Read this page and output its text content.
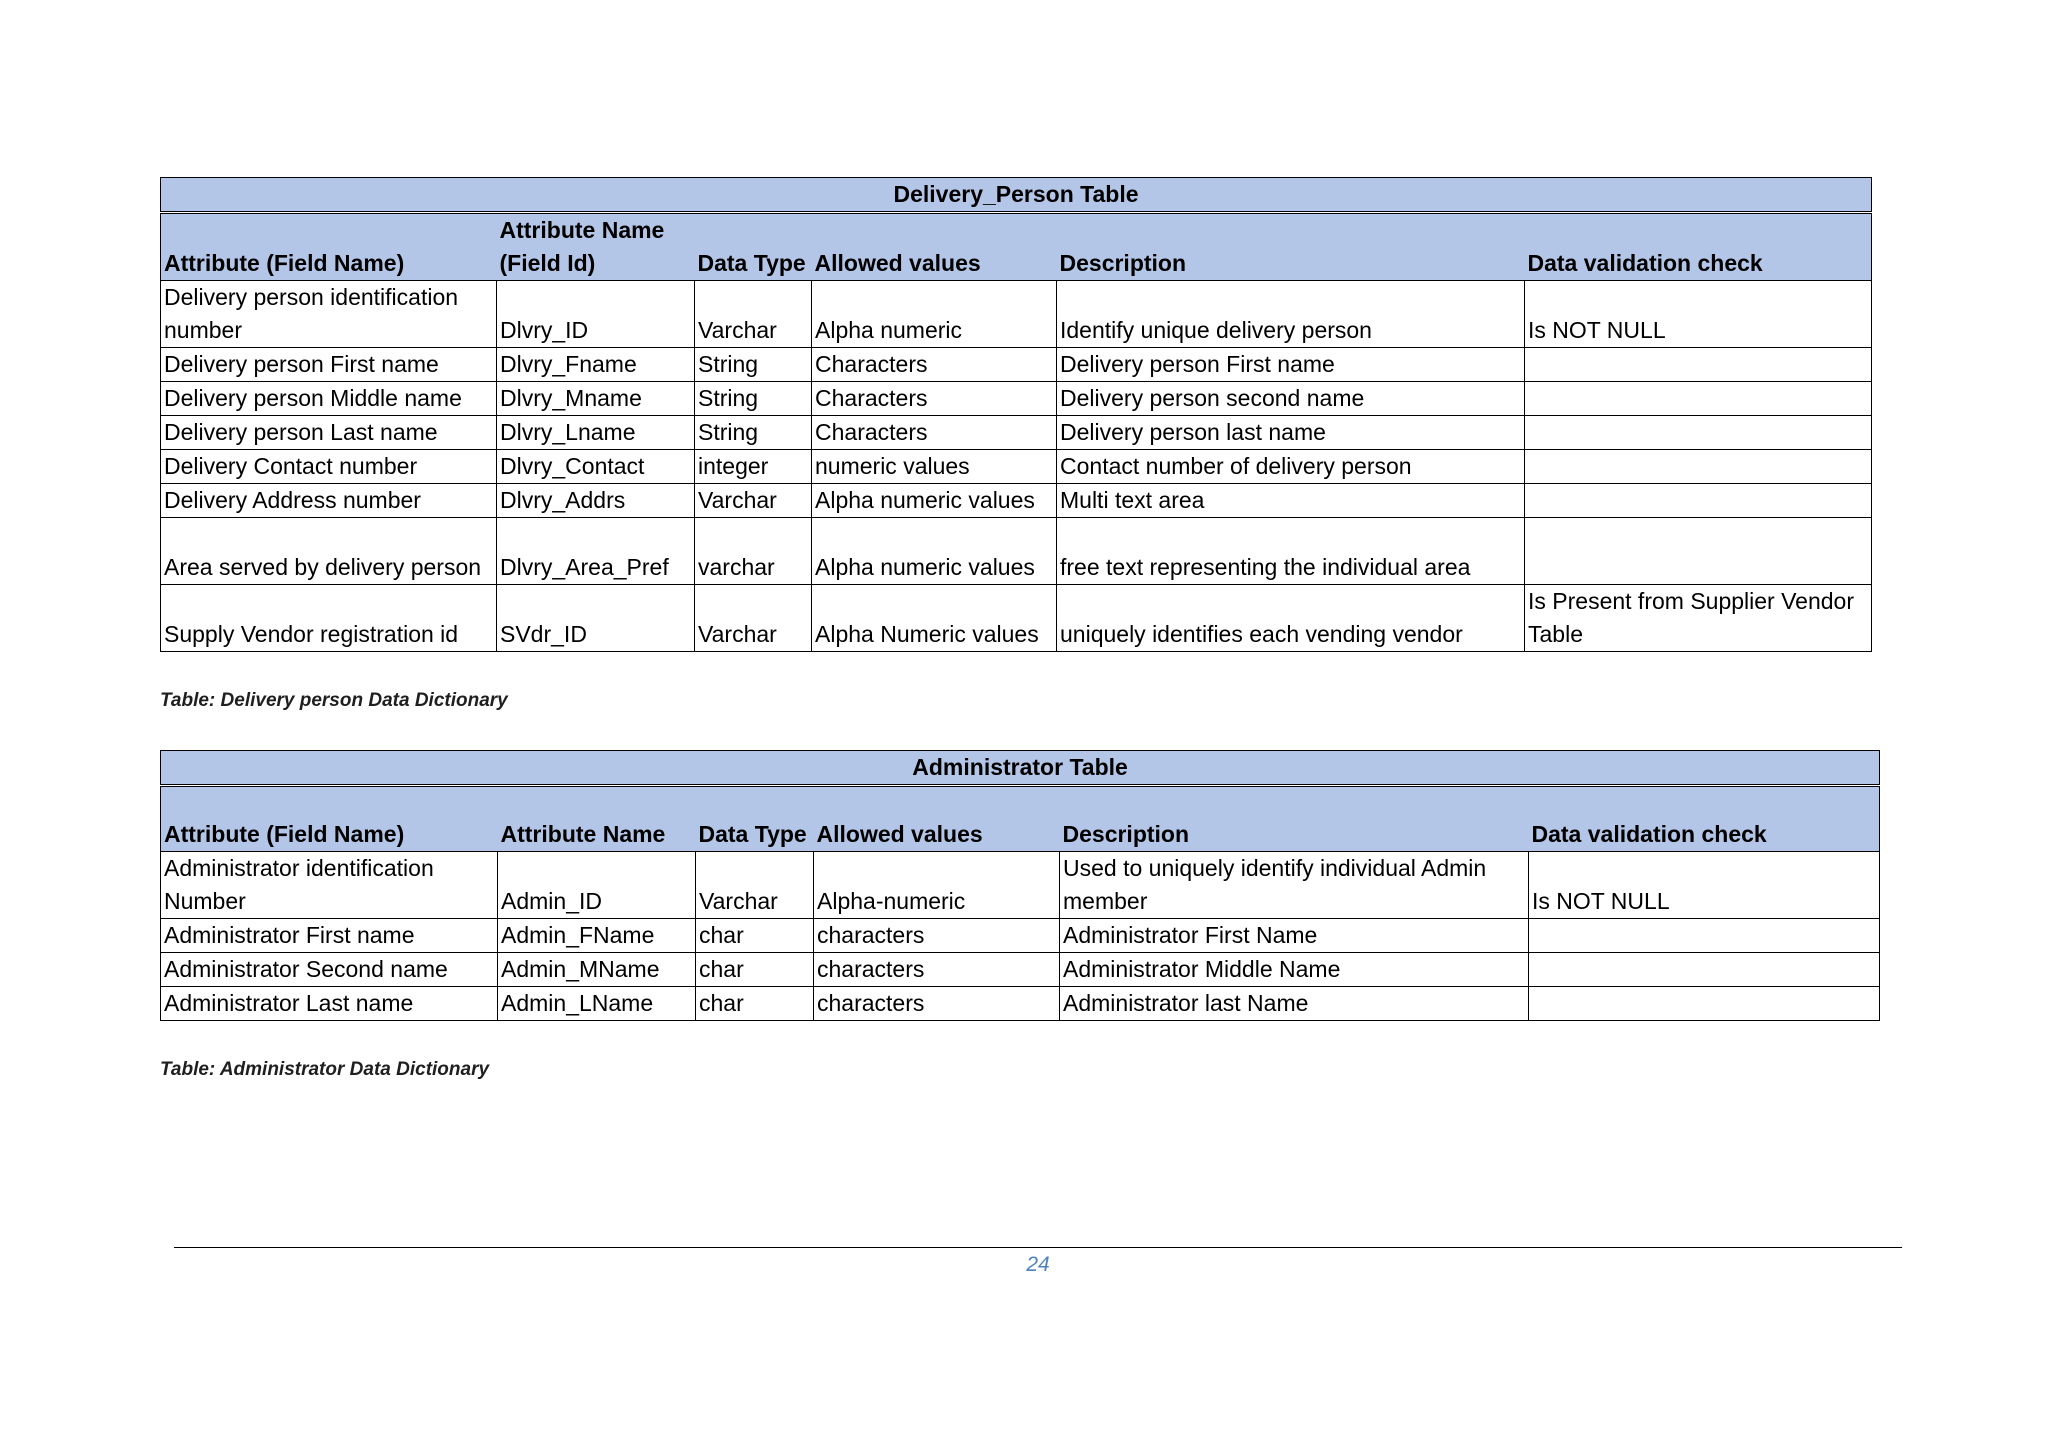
Delivery_Person Table					
Attribute (Field Name)	Attribute Name (Field Id)	Data Type	Allowed values	Description	Data validation check
Delivery person identification number	Dlvry_ID	Varchar	Alpha numeric	Identify unique delivery person	Is NOT NULL
Delivery person First name	Dlvry_Fname	String	Characters	Delivery person First name	
Delivery person Middle name	Dlvry_Mname	String	Characters	Delivery person second name	
Delivery person Last name	Dlvry_Lname	String	Characters	Delivery person last name	
Delivery Contact number	Dlvry_Contact	integer	numeric values	Contact number of delivery person	
Delivery Address number	Dlvry_Addrs	Varchar	Alpha numeric values	Multi text area	
Area served by delivery person	Dlvry_Area_Pref	varchar	Alpha numeric values	free text representing the individual area	
Supply Vendor registration id	SVdr_ID	Varchar	Alpha Numeric values	uniquely identifies each vending vendor	Is Present from Supplier Vendor Table
Table: Delivery person Data Dictionary
Administrator Table					
Attribute (Field Name)	Attribute Name	Data Type	Allowed values	Description	Data validation check
Administrator identification Number	Admin_ID	Varchar	Alpha-numeric	Used to uniquely identify individual Admin member	Is NOT NULL
Administrator First name	Admin_FName	char	characters	Administrator First Name	
Administrator Second name	Admin_MName	char	characters	Administrator Middle Name	
Administrator Last name	Admin_LName	char	characters	Administrator last Name	
Table: Administrator Data Dictionary
24
